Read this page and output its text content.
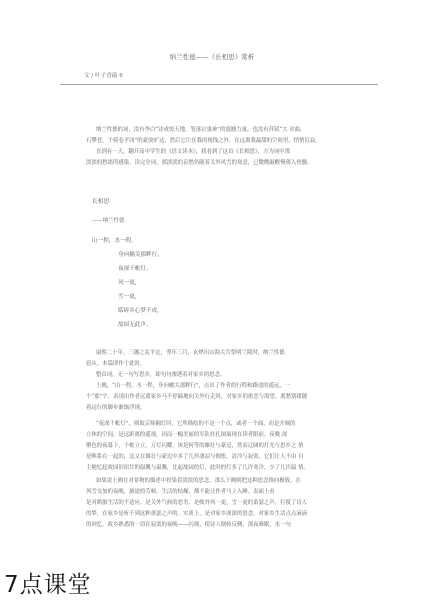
纳兰性德——《长相思》赏析
文 / 叶子香敲 6
纳兰性德的词，没有李白“诗成惊天地，笔落泣鬼神”的震撼力量，也没有苏轼“大 章曲，
石攀苍，千骑卷平冈”的豪放旷达，然后它让在我的视线之外，在远离我最甜的空间里，悄悄沉寂。
直到有一天，翻开高中学生的《语文读本》，我看到了这首《长相思》，方为词中那
淡淡的愁绪所感染，读完全词，那淡淡的哀愁仍随着关外风雪的寒意，已微微敲醒慢薄入骨髓。
长相思
——纳兰性德
山一程，水一程，
身向榆关那畔行，
夜深千帐灯。
风一更，
雪一更，
聒碎乡心梦不成，
故园无此声。
康熙二十年，三藩之乱平定，翌年三月，玄烨出山海关告祭明兰陵时，纳兰性德
扈从。本篇即作于此时。
整首词，无一句写思乡，却句句渗透着对家乡的思念。
上阙，“山一程，水一程，身向榆关那畔行”，点出了作者的行程和路途的遥远，一
个“那”字，表现出作者远离家乡马不停蹄地向关外行走时，对家乡的依恋与渴望。离愁别绪随
着远行的脚步渐渐浮现。
“夜深千帐灯”，则取京师碉灯时，它所描绘的不是一个点，或者一个面，而是开阔的
立体的空间，是远距离的遥视，因而一幅美丽的军队驻扎图展现在读者眼前。夜晚 深
聚色的夜幕下，千帐立立，万灯闪耀，该是何等的雄壮与豪迈，然而辽阔的灯光与思乡之 情
是唯系在一起的，这又在雄壮与豪迈中多了几丝凄凉与惆怅，清冷与寂寞，它们让人不由 自
主地忆起故园旧宿甘的温馨与温馨，比起故园的灯，此时的灯多了几许寒冷，少了几许温 情。
如果说上阙在对景物的描述中投染着淡淡的思念，那么下阙则把这种思念推向极致。在
风雪交加的夜晚，旅途的劳顿，生活的枯燥，都不能让作者马上入睡。表面上看
是对鹤旅生活的不适应，是关外气候的恶劣，是帐外风一更，雪一更的萧瑟之声，打搅了诗人
的梦，在家乡是听不到这种萧瑟之声的。实质上，是对家乡深深的思念，对家乡生活点点滴滴
的回忆。故乡熟悉的一切在寂寞的夜晚——闪现，使诗人倒转反侧，深夜难眠。末一句
7点课堂
